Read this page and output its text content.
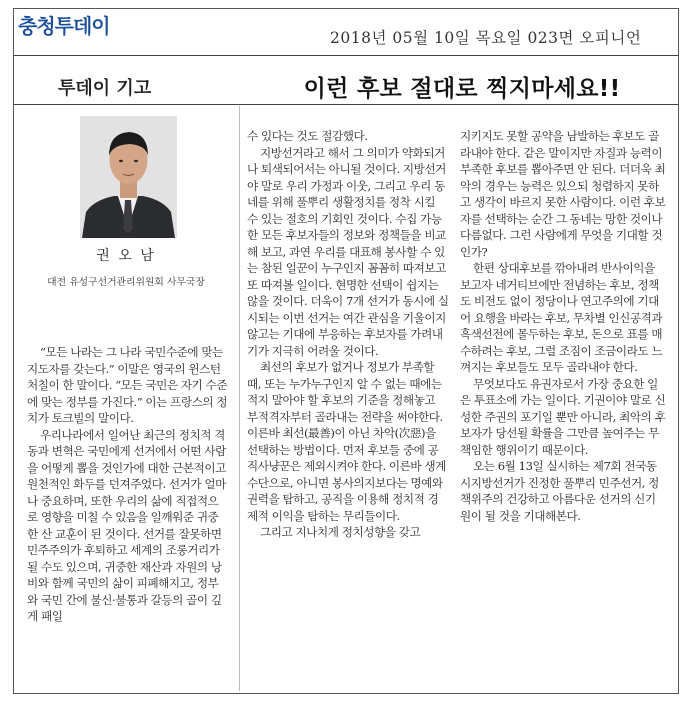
충청투데이	2018년 05월 10일 목요일 023면 오피니언
투데이 기고	이런 후보 절대로 찍지마세요!!
권 오 남
대전 유성구선거관리위원회 사무국장

“모든 나라는 그 나라 국민수준에 맞는 지도자를 갖는다.” 이말은 영국의 윈스턴 처칠이 한 말이다. “모든 국민은 자기 수준에 맞는 정부를 가진다.” 이는 프랑스의 정치가 토크빌의 말이다.

우리나라에서 일어난 최근의 정치적 격동과 변혁은 국민에게 선거에서 어떤 사람을 어떻게 뽑을 것인가에 대한 근본적이고 원천적인 화두를 던져주었다. 선거가 얼마나 중요하며, 또한 우리의 삶에 직접적으로 영향을 미칠 수 있음을 일깨워준 귀중한 산 교훈이 된 것이다. 선거를 잘못하면 민주주의가 후퇴하고 세계의 조롱거리가 될 수도 있으며, 귀중한 재산과 자원의 낭비와 함께 국민의 삶이 피폐해지고, 정부와 국민 간에 불신·불통과 갈등의 골이 깊게 패일

수 있다는 것도 절감했다.

지방선거라고 해서 그 의미가 약화되거나 퇴색되어서는 아니될 것이다. 지방선거야 말로 우리 가정과 이웃, 그리고 우리 동네를 위해 풀뿌리 생활정치를 정착 시킬 수 있는 절호의 기회인 것이다. 수집 가능한 모든 후보자들의 정보와 정책들을 비교해 보고, 과연 우리를 대표해 봉사할 수 있는 참된 일꾼이 누구인지 꼼꼼히 따져보고 또 따져볼 일이다. 현명한 선택이 쉽지는 않을 것이다. 더욱이 7개 선거가 동시에 실시되는 이번 선거는 여간 관심을 기울이지 않고는 기대에 부응하는 후보자를 가려내기가 지극히 어려울 것이다.

최선의 후보가 없거나 정보가 부족할 때, 또는 누가누구인지 알 수 없는 때에는 적지 말아야 할 후보의 기준을 정해놓고 부적격자부터 골라내는 전략을 써야한다. 이른바 최선(最善)이 아닌 차악(次惡)을 선택하는 방법이다. 먼저 후보들 중에 공직사냥꾼은 제외시켜야 한다. 이른바 생계수단으로, 아니면 봉사의지보다는 명예와 권력을 탐하고, 공직을 이용해 정치적 경제적 이익을 탐하는 무리들이다.

그리고 지나치게 정치성향을 갖고

지키지도 못할 공약을 남발하는 후보도 골라내야 한다. 같은 말이지만 자질과 능력이 부족한 후보를 뽑아주면 안 된다. 더더욱 최악의 경우는 능력은 있으되 청렴하지 못하고 생각이 바르지 못한 사람이다. 이런 후보자를 선택하는 순간 그 동네는 망한 것이나 다름없다. 그런 사람에게 무엇을 기대할 것인가?

한편 상대후보를 깎아내려 반사이익을 보고자 네거티브에만 전념하는 후보, 정책도 비전도 없이 정당이나 연고주의에 기대어 요행을 바라는 후보, 무차별 인신공격과 흑색선전에 몰두하는 후보, 돈으로 표를 매수하려는 후보, 그럴 조짐이 조금이라도 느껴지는 후보들도 모두 골라내야 한다.

무엇보다도 유권자로서 가장 중요한 일은 투표소에 가는 일이다. 기권이야 말로 신성한 주권의 포기일 뿐만 아니라, 최악의 후보자가 당선될 확률을 그만큼 높여주는 무책임한 행위이기 때문이다.

오는 6월 13일 실시하는 제7회 전국동시지방선거가 진정한 풀뿌리 민주선거, 정책위주의 건강하고 아름다운 선거의 신기원이 될 것을 기대해본다.
